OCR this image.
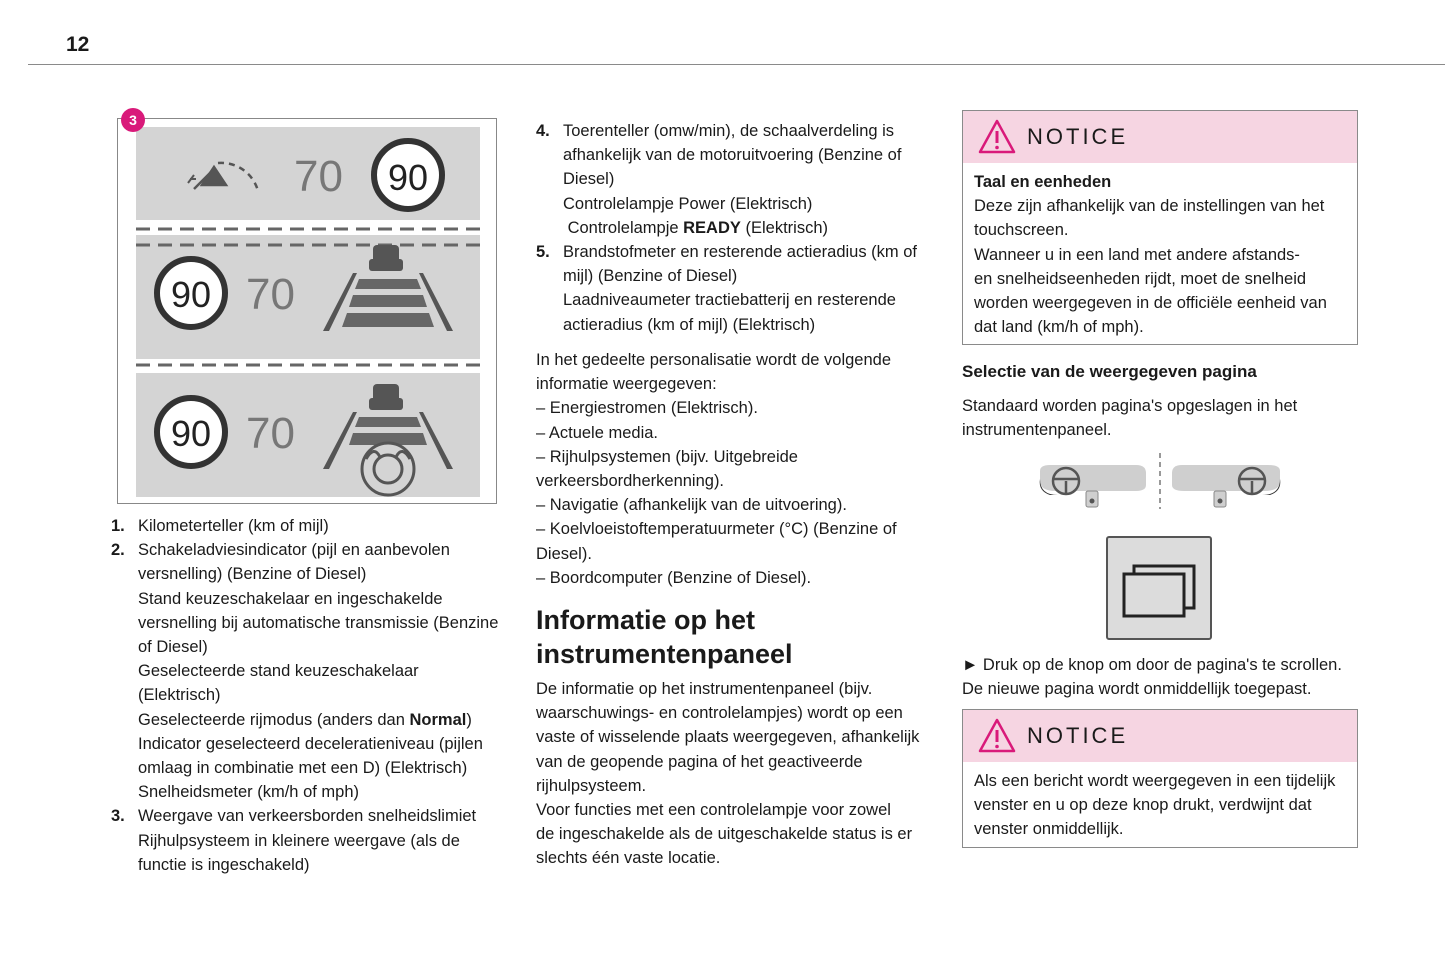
12
3
70 90
90 70
90 70
1. Kilometerteller (km of mijl)
2. Schakeladviesindicator (pijl en aanbevolen
versnelling) (Benzine of Diesel)
Stand keuzeschakelaar en ingeschakelde
versnelling bij automatische transmissie (Benzine
of Diesel)
Geselecteerde stand keuzeschakelaar
(Elektrisch)
Geselecteerde rijmodus (anders dan Normal)
Indicator geselecteerd deceleratieniveau (pijlen
omlaag in combinatie met een D) (Elektrisch)
Snelheidsmeter (km/h of mph)
3. Weergave van verkeersborden snelheidslimiet
Rijhulpsysteem in kleinere weergave (als de
functie is ingeschakeld)
4. Toerenteller (omw/min), de schaalverdeling is
afhankelijk van de motoruitvoering (Benzine of
Diesel)
Controlelampje Power (Elektrisch)
Controlelampje READY (Elektrisch)
5. Brandstofmeter en resterende actieradius (km of
mijl) (Benzine of Diesel)
Laadniveaumeter tractiebatterij en resterende
actieradius (km of mijl) (Elektrisch)
In het gedeelte personalisatie wordt de volgende
informatie weergegeven:
– Energiestromen (Elektrisch).
– Actuele media.
– Rijhulpsystemen (bijv. Uitgebreide
verkeersbordherkenning).
– Navigatie (afhankelijk van de uitvoering).
– Koelvloeistoftemperatuurmeter (°C) (Benzine of
Diesel).
– Boordcomputer (Benzine of Diesel).
Informatie op het
instrumentenpaneel
De informatie op het instrumentenpaneel (bijv.
waarschuwings- en controlelampjes) wordt op een
vaste of wisselende plaats weergegeven, afhankelijk
van de geopende pagina of het geactiveerde
rijhulpsysteem.
Voor functies met een controlelampje voor zowel
de ingeschakelde als de uitgeschakelde status is er
slechts één vaste locatie.
NOTICE
Taal en eenheden
Deze zijn afhankelijk van de instellingen van het
touchscreen.
Wanneer u in een land met andere afstands-
en snelheidseenheden rijdt, moet de snelheid
worden weergegeven in de officiële eenheid van
dat land (km/h of mph).
Selectie van de weergegeven pagina
Standaard worden pagina's opgeslagen in het
instrumentenpaneel.
► Druk op de knop om door de pagina's te scrollen.
De nieuwe pagina wordt onmiddellijk toegepast.
NOTICE
Als een bericht wordt weergegeven in een tijdelijk
venster en u op deze knop drukt, verdwijnt dat
venster onmiddellijk.
